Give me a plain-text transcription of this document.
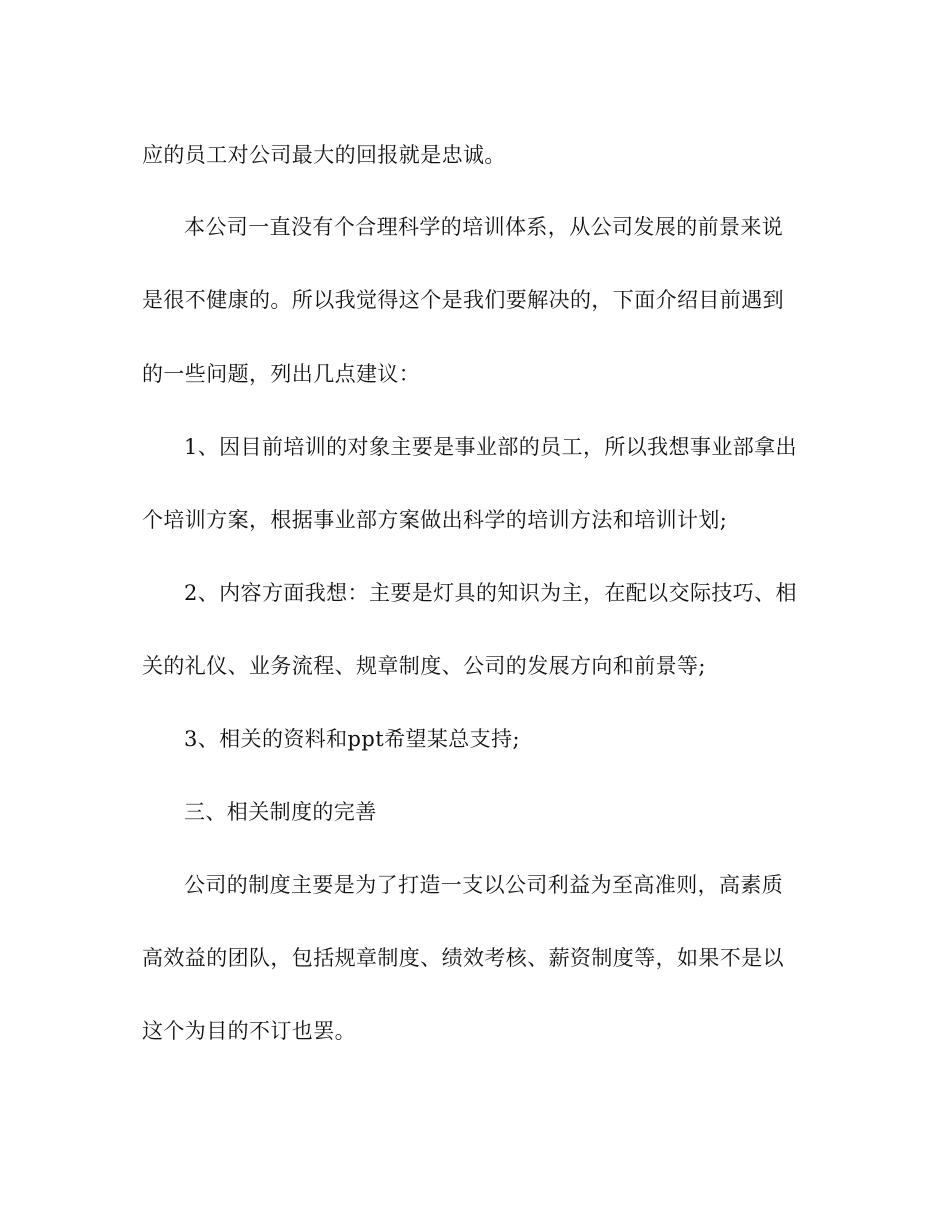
应的员工对公司最大的回报就是忠诚。

本公司一直没有个合理科学的培训体系，从公司发展的前景来说

是很不健康的。所以我觉得这个是我们要解决的，下面介绍目前遇到

的一些问题，列出几点建议：

1、因目前培训的对象主要是事业部的员工，所以我想事业部拿出

个培训方案，根据事业部方案做出科学的培训方法和培训计划;

2、内容方面我想：主要是灯具的知识为主，在配以交际技巧、相

关的礼仪、业务流程、规章制度、公司的发展方向和前景等;

3、相关的资料和ppt希望某总支持;

三、相关制度的完善

公司的制度主要是为了打造一支以公司利益为至高准则，高素质

高效益的团队，包括规章制度、绩效考核、薪资制度等，如果不是以

这个为目的不订也罢。
